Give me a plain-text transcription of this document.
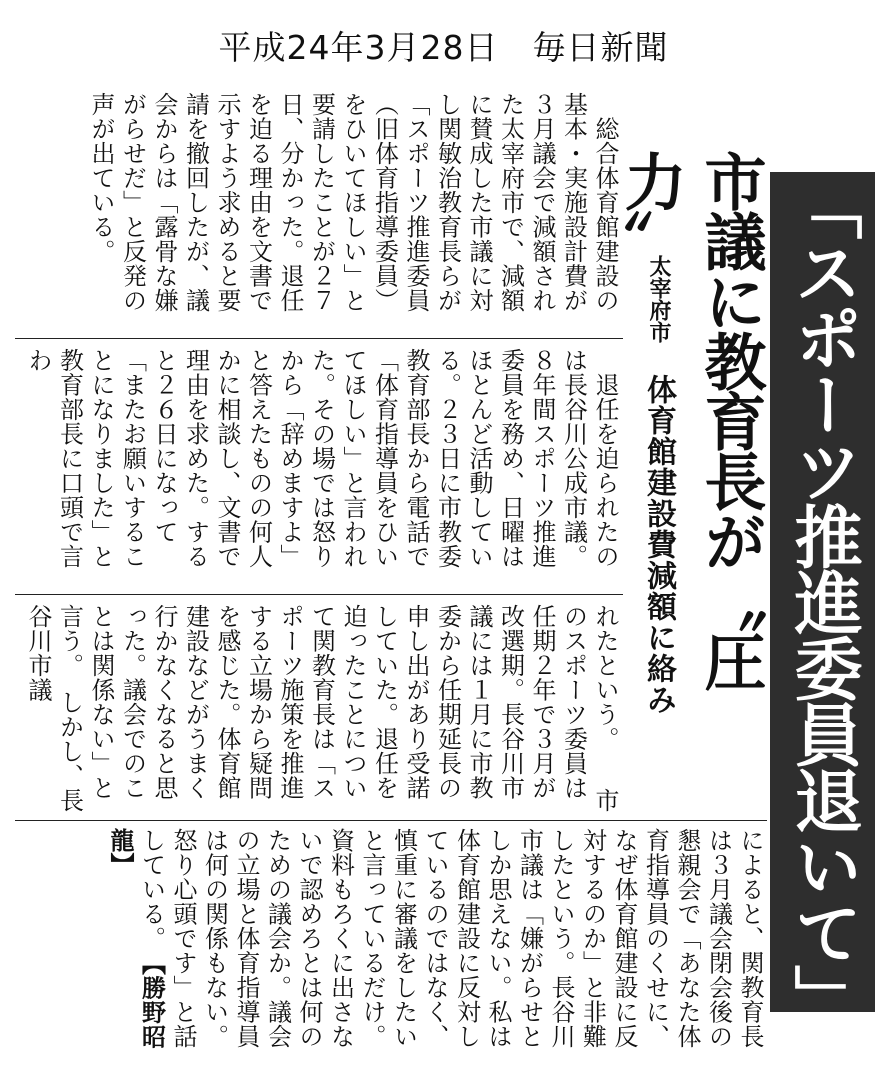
平成24年3月28日　毎日新聞
「スポーツ推進委員退いて」
市議に教育長が〝圧力〟
太宰府市　体育館建設費減額に絡み
　総合体育館建設の基本・実施設計費が３月議会で減額された太宰府市で、減額に賛成した市議に対し関敏治教育長らが「スポーツ推進委員（旧体育指導委員）をひいてほしい」と要請したことが２７日、分かった。退任を迫る理由を文書で示すよう求めると要請を撤回したが、議会からは「露骨な嫌がらせだ」と反発の声が出ている。
　退任を迫られたのは長谷川公成市議。８年間スポーツ推進委員を務め、日曜はほとんど活動している。２３日に市教委教育部長から電話で「体育指導員をひいてほしい」と言われた。その場では怒りから「辞めますよ」と答えたものの何人かに相談し、文書で理由を求めた。すると２６日になって「またお願いすることになりました」と教育部長に口頭で言わ
れたという。　　市のスポーツ委員は任期２年で３月が改選期。長谷川市議には１月に市教委から任期延長の申し出があり受諾していた。退任を迫ったことについて関教育長は「スポーツ施策を推進する立場から疑問を感じた。体育館建設などがうまく行かなくなると思った。議会でのことは関係ない」と言う。　しかし、長谷川市議
によると、関教育長は３月議会閉会後の懇親会で「あなた体育指導員のくせに、なぜ体育館建設に反対するのか」と非難したという。長谷川市議は「嫌がらせとしか思えない。私は体育館建設に反対しているのではなく、慎重に審議をしたいと言っているだけ。資料もろくに出さないで認めろとは何のための議会か。議会の立場と体育指導員は何の関係もない。怒り心頭です」と話している。　【勝野昭龍】
